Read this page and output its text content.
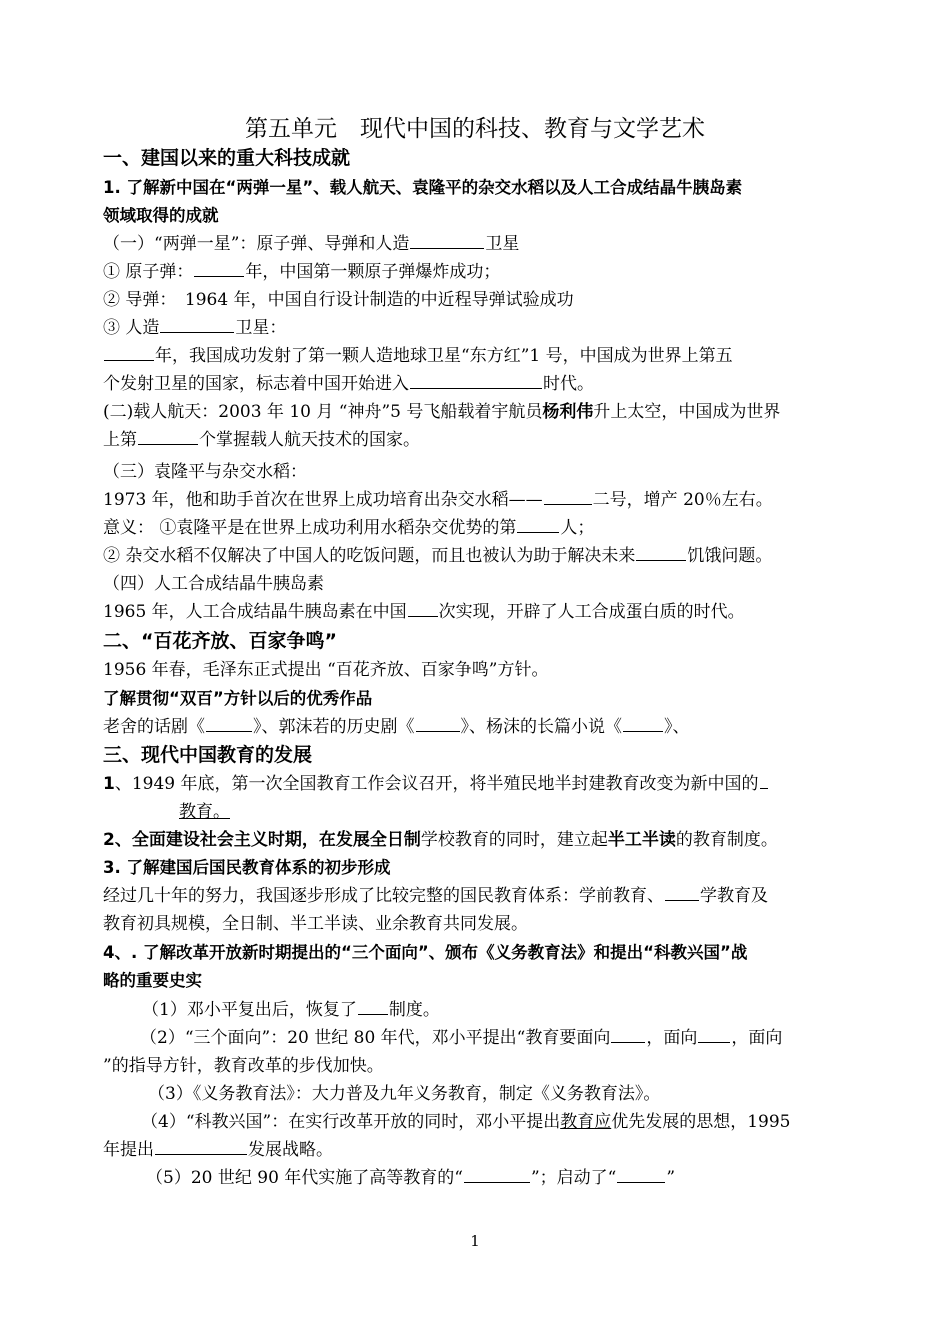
第五单元　现代中国的科技、教育与文学艺术
一、建国以来的重大科技成就
1. 了解新中国在“两弹一星”、载人航天、袁隆平的杂交水稻以及人工合成结晶牛胰岛素
领域取得的成就
（一）“两弹一星”：原子弹、导弹和人造	卫星
① 原子弹：	年，中国第一颗原子弹爆炸成功；
② 导弹：　1964 年，中国自行设计制造的中近程导弹试验成功
③ 人造	卫星：
年，我国成功发射了第一颗人造地球卫星“东方红”1 号，中国成为世界上第五
个发射卫星的国家，标志着中国开始进入	时代。
(二)载人航天：2003 年 10 月 “神舟”5 号飞船载着宇航员杨利伟升上太空，中国成为世界
上第	个掌握载人航天技术的国家。
（三）袁隆平与杂交水稻：
1973 年，他和助手首次在世界上成功培育出杂交水稻——	二号，增产 20％左右。
意义： ①袁隆平是在世界上成功利用水稻杂交优势的第	人；
② 杂交水稻不仅解决了中国人的吃饭问题，而且也被认为助于解决未来	饥饿问题。
（四）人工合成结晶牛胰岛素
1965 年，人工合成结晶牛胰岛素在中国 次实现，开辟了人工合成蛋白质的时代。
二、“百花齐放、百家争鸣”
1956 年春，毛泽东正式提出 “百花齐放、百家争鸣”方针。
了解贯彻“双百”方针以后的优秀作品
老舍的话剧《	》、郭沫若的历史剧《	》、杨沫的长篇小说《 》、
三、现代中国教育的发展
1、1949 年底，第一次全国教育工作会议召开，将半殖民地半封建教育改变为新中国的
教育。
2、全面建设社会主义时期，在发展全日制学校教育的同时，建立起半工半读的教育制度。
3. 了解建国后国民教育体系的初步形成
经过几十年的努力，我国逐步形成了比较完整的国民教育体系：学前教育、 学教育及
教育初具规模，全日制、半工半读、业余教育共同发展。
4、. 了解改革开放新时期提出的“三个面向”、颁布《义务教育法》和提出“科教兴国”战
略的重要史实
（1）邓小平复出后，恢复了 制度。
（2）“三个面向”：20 世纪 80 年代，邓小平提出“教育要面向 ，面向 ，面向
”的指导方针，教育改革的步伐加快。
（3）《义务教育法》：大力普及九年义务教育，制定《义务教育法》。
（4）“科教兴国”：在实行改革开放的同时，邓小平提出教育应优先发展的思想，1995
年提出	发展战略。
（5）20 世纪 90 年代实施了高等教育的“	”；启动了“	”
1
